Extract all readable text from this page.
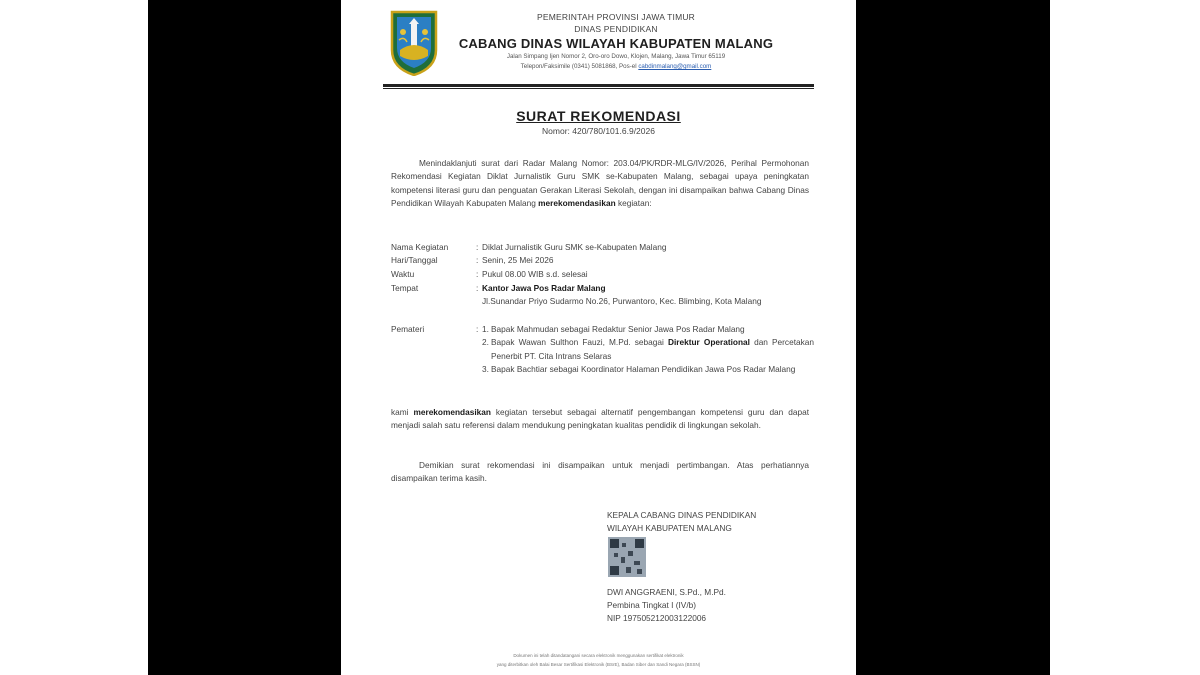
PEMERINTAH PROVINSI JAWA TIMUR
DINAS PENDIDIKAN
CABANG DINAS WILAYAH KABUPATEN MALANG
Jalan Simpang Ijen Nomor 2, Oro-oro Dowo, Klojen, Malang, Jawa Timur 65119
Telepon/Faksimile (0341) 5081868, Pos-el cabdinmalang@gmail.com
SURAT REKOMENDASI
Nomor: 420/780/101.6.9/2026
Menindaklanjuti surat dari Radar Malang Nomor: 203.04/PK/RDR-MLG/IV/2026, Perihal Permohonan Rekomendasi Kegiatan Diklat Jurnalistik Guru SMK se-Kabupaten Malang, sebagai upaya peningkatan kompetensi literasi guru dan penguatan Gerakan Literasi Sekolah, dengan ini disampaikan bahwa Cabang Dinas Pendidikan Wilayah Kabupaten Malang merekomendasikan kegiatan:
Nama Kegiatan	: Diklat Jurnalistik Guru SMK se-Kabupaten Malang
Hari/Tanggal	: Senin, 25 Mei 2026
Waktu	: Pukul 08.00 WIB s.d. selesai
Tempat	: Kantor Jawa Pos Radar Malang
Jl.Sunandar Priyo Sudarmo No.26, Purwantoro, Kec. Blimbing, Kota Malang
Pemateri	: 1. Bapak Mahmudan sebagai Redaktur Senior Jawa Pos Radar Malang
2. Bapak Wawan Sulthon Fauzi, M.Pd. sebagai Direktur Operational dan Percetakan Penerbit PT. Cita Intrans Selaras
3. Bapak Bachtiar sebagai Koordinator Halaman Pendidikan Jawa Pos Radar Malang
kami merekomendasikan kegiatan tersebut sebagai alternatif pengembangan kompetensi guru dan dapat menjadi salah satu referensi dalam mendukung peningkatan kualitas pendidik di lingkungan sekolah.
Demikian surat rekomendasi ini disampaikan untuk menjadi pertimbangan. Atas perhatiannya disampaikan terima kasih.
KEPALA CABANG DINAS PENDIDIKAN
WILAYAH KABUPATEN MALANG
DWI ANGGRAENI, S.Pd., M.Pd.
Pembina Tingkat I (IV/b)
NIP 197505212003122006
Dokumen ini telah ditandatangani secara elektronik menggunakan sertifikat elektronik
yang diterbitkan oleh Balai Besar Sertifikasi Elektronik (BSrE), Badan Siber dan Sandi Negara (BSSN)
